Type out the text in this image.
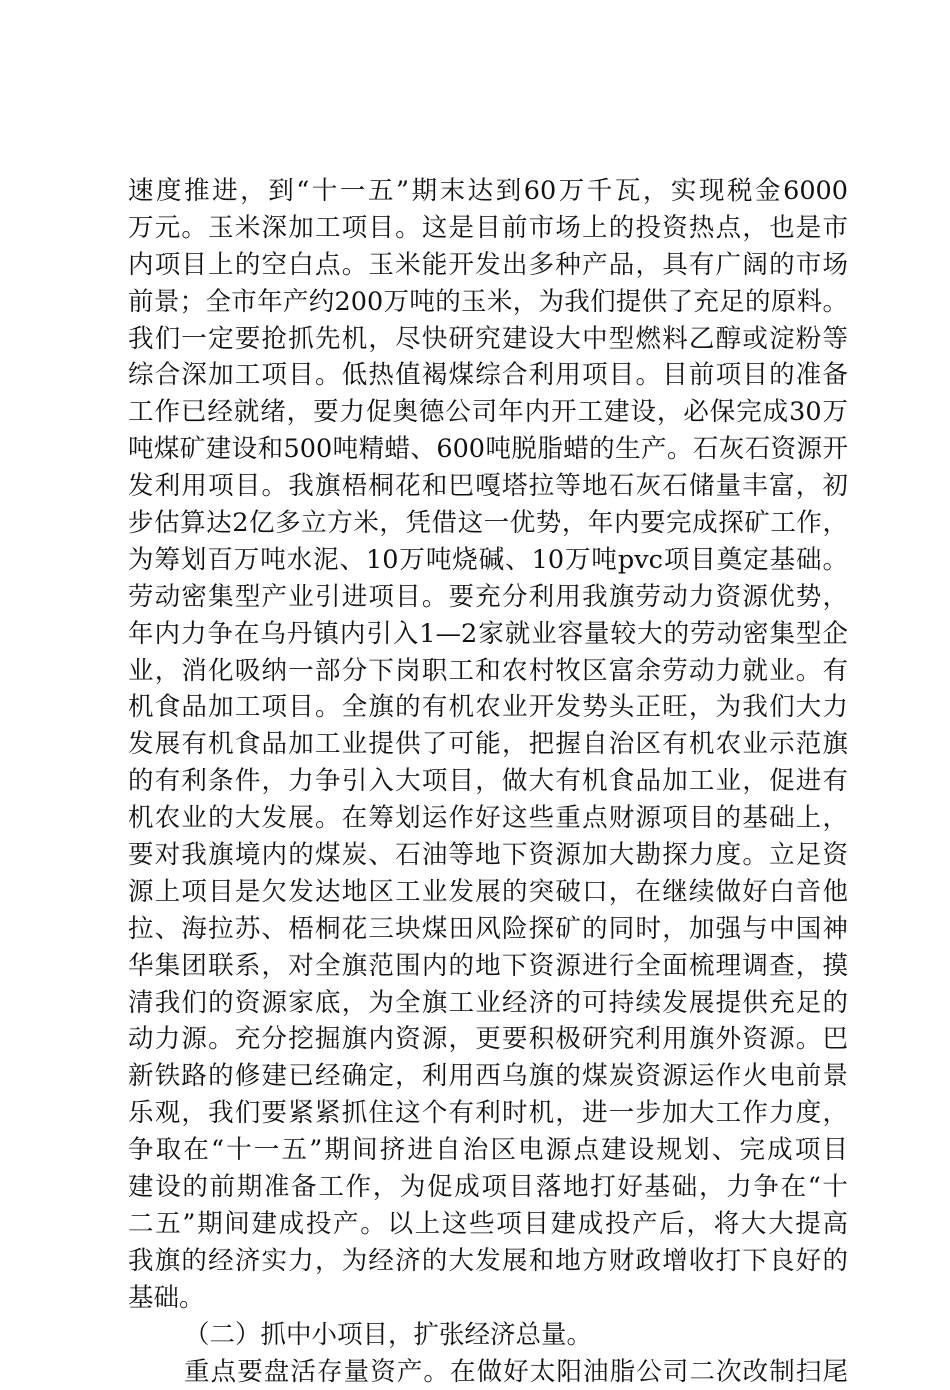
速度推进，到“十一五”期末达到60万千瓦，实现税金6000
万元。玉米深加工项目。这是目前市场上的投资热点，也是市
内项目上的空白点。玉米能开发出多种产品，具有广阔的市场
前景；全市年产约200万吨的玉米，为我们提供了充足的原料。
我们一定要抢抓先机，尽快研究建设大中型燃料乙醇或淀粉等
综合深加工项目。低热值褐煤综合利用项目。目前项目的准备
工作已经就绪，要力促奥德公司年内开工建设，必保完成30万
吨煤矿建设和500吨精蜡、600吨脱脂蜡的生产。石灰石资源开
发利用项目。我旗梧桐花和巴嘎塔拉等地石灰石储量丰富，初
步估算达2亿多立方米，凭借这一优势，年内要完成探矿工作，
为筹划百万吨水泥、10万吨烧碱、10万吨pvc项目奠定基础。
劳动密集型产业引进项目。要充分利用我旗劳动力资源优势，
年内力争在乌丹镇内引入1—2家就业容量较大的劳动密集型企
业，消化吸纳一部分下岗职工和农村牧区富余劳动力就业。有
机食品加工项目。全旗的有机农业开发势头正旺，为我们大力
发展有机食品加工业提供了可能，把握自治区有机农业示范旗
的有利条件，力争引入大项目，做大有机食品加工业，促进有
机农业的大发展。在筹划运作好这些重点财源项目的基础上，
要对我旗境内的煤炭、石油等地下资源加大勘探力度。立足资
源上项目是欠发达地区工业发展的突破口，在继续做好白音他
拉、海拉苏、梧桐花三块煤田风险探矿的同时，加强与中国神
华集团联系，对全旗范围内的地下资源进行全面梳理调查，摸
清我们的资源家底，为全旗工业经济的可持续发展提供充足的
动力源。充分挖掘旗内资源，更要积极研究利用旗外资源。巴
新铁路的修建已经确定，利用西乌旗的煤炭资源运作火电前景
乐观，我们要紧紧抓住这个有利时机，进一步加大工作力度，
争取在“十一五”期间挤进自治区电源点建设规划、完成项目
建设的前期准备工作，为促成项目落地打好基础，力争在“十
二五”期间建成投产。以上这些项目建成投产后，将大大提高
我旗的经济实力，为经济的大发展和地方财政增收打下良好的
基础。
（二）抓中小项目，扩张经济总量。
重点要盘活存量资产。在做好太阳油脂公司二次改制扫尾
